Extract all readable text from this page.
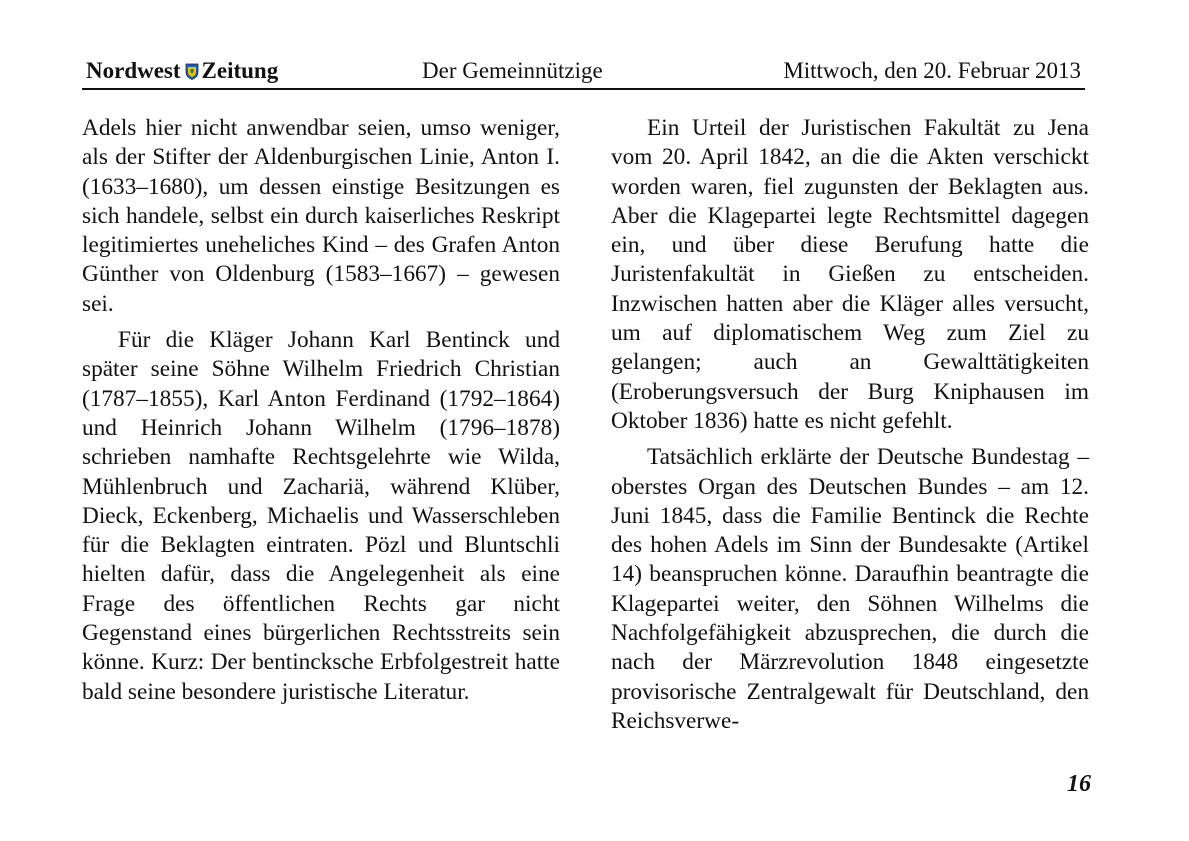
Nordwest Zeitung	Der Gemeinnützige	Mittwoch, den 20. Februar 2013

Adels hier nicht anwendbar seien, umso weniger, als der Stifter der Aldenburgischen Linie, Anton I. (1633–1680), um dessen einstige Besitzungen es sich handele, selbst ein durch kaiserliches Reskript legitimiertes uneheliches Kind – des Grafen Anton Günther von Oldenburg (1583–1667) – gewesen sei.

Für die Kläger Johann Karl Bentinck und später seine Söhne Wilhelm Friedrich Christian (1787–1855), Karl Anton Ferdinand (1792–1864) und Heinrich Johann Wilhelm (1796–1878) schrieben namhafte Rechtsgelehrte wie Wilda, Mühlenbruch und Zachariä, während Klüber, Dieck, Eckenberg, Michaelis und Wasserschleben für die Beklagten eintraten. Pözl und Bluntschli hielten dafür, dass die Angelegenheit als eine Frage des öffentlichen Rechts gar nicht Gegenstand eines bürgerlichen Rechtsstreits sein könne. Kurz: Der bentincksche Erbfolgestreit hatte bald seine besondere juristische Literatur.

Ein Urteil der Juristischen Fakultät zu Jena vom 20. April 1842, an die die Akten verschickt worden waren, fiel zugunsten der Beklagten aus. Aber die Klagepartei legte Rechtsmittel dagegen ein, und über diese Berufung hatte die Juristenfakultät in Gießen zu entscheiden. Inzwischen hatten aber die Kläger alles versucht, um auf diplomatischem Weg zum Ziel zu gelangen; auch an Gewalttätigkeiten (Eroberungsversuch der Burg Kniphausen im Oktober 1836) hatte es nicht gefehlt.

Tatsächlich erklärte der Deutsche Bundestag – oberstes Organ des Deutschen Bundes – am 12. Juni 1845, dass die Familie Bentinck die Rechte des hohen Adels im Sinn der Bundesakte (Artikel 14) beanspruchen könne. Daraufhin beantragte die Klagepartei weiter, den Söhnen Wilhelms die Nachfolgefähigkeit abzusprechen, die durch die nach der Märzrevolution 1848 eingesetzte provisorische Zentralgewalt für Deutschland, den Reichsverwe-

16
